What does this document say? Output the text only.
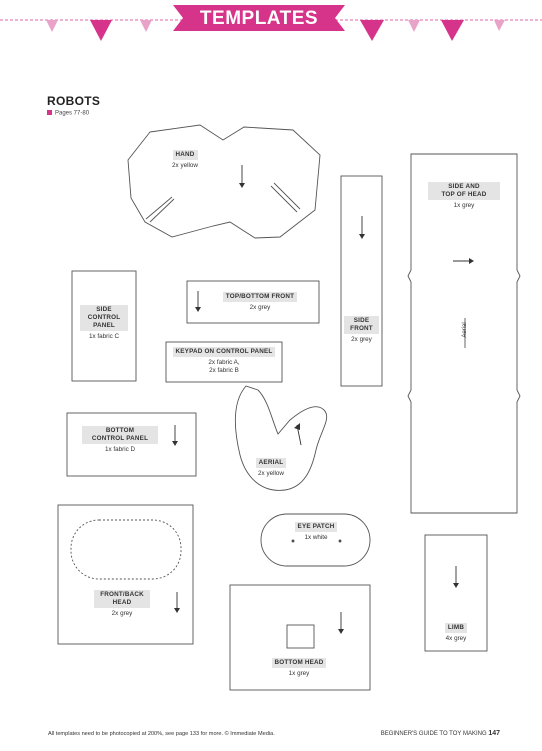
TEMPLATES
ROBOTS
Pages 77-80
HAND
2x yellow
SIDE AND
TOP OF HEAD
1x grey
Aerial
SIDE
CONTROL
PANEL
1x fabric C
TOP/BOTTOM FRONT
2x grey
SIDE
FRONT
2x grey
KEYPAD ON CONTROL PANEL
2x fabric A,
2x fabric B
BOTTOM
CONTROL PANEL
1x fabric D
AERIAL
2x yellow
EYE PATCH
1x white
FRONT/BACK
HEAD
2x grey
LIMB
4x grey
BOTTOM HEAD
1x grey
All templates need to be photocopied at 200%, see page 133 for more. © Immediate Media.	BEGINNER'S GUIDE TO TOY MAKING 147
